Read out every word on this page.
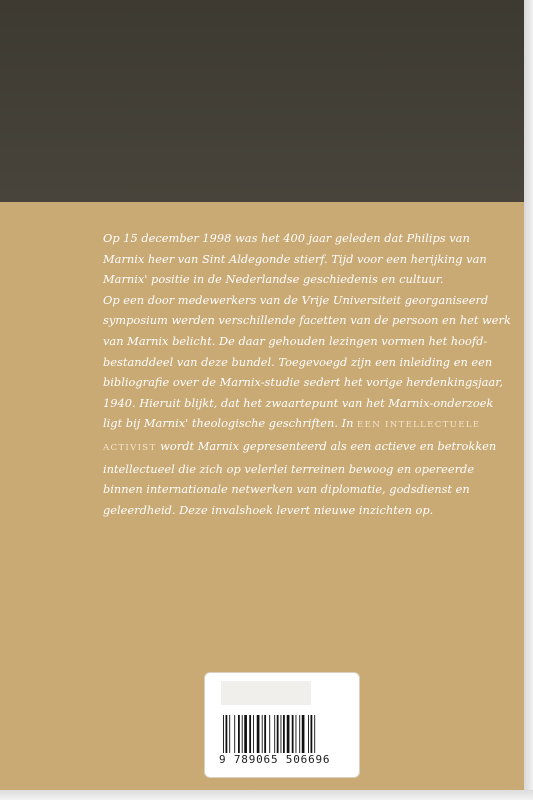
Op 15 december 1998 was het 400 jaar geleden dat Philips van
Marnix heer van Sint Aldegonde stierf. Tijd voor een herijking van
Marnix' positie in de Nederlandse geschiedenis en cultuur.
Op een door medewerkers van de Vrije Universiteit georganiseerd
symposium werden verschillende facetten van de persoon en het werk
van Marnix belicht. De daar gehouden lezingen vormen het hoofd-
bestanddeel van deze bundel. Toegevoegd zijn een inleiding en een
bibliografie over de Marnix-studie sedert het vorige herdenkingsjaar,
1940. Hieruit blijkt, dat het zwaartepunt van het Marnix-onderzoek
ligt bij Marnix' theologische geschriften. In EEN INTELLECTUELE
ACTIVIST wordt Marnix gepresenteerd als een actieve en betrokken
intellectueel die zich op velerlei terreinen bewoog en opereerde
binnen internationale netwerken van diplomatie, godsdienst en
geleerdheid. Deze invalshoek levert nieuwe inzichten op.

9 789065 506696
